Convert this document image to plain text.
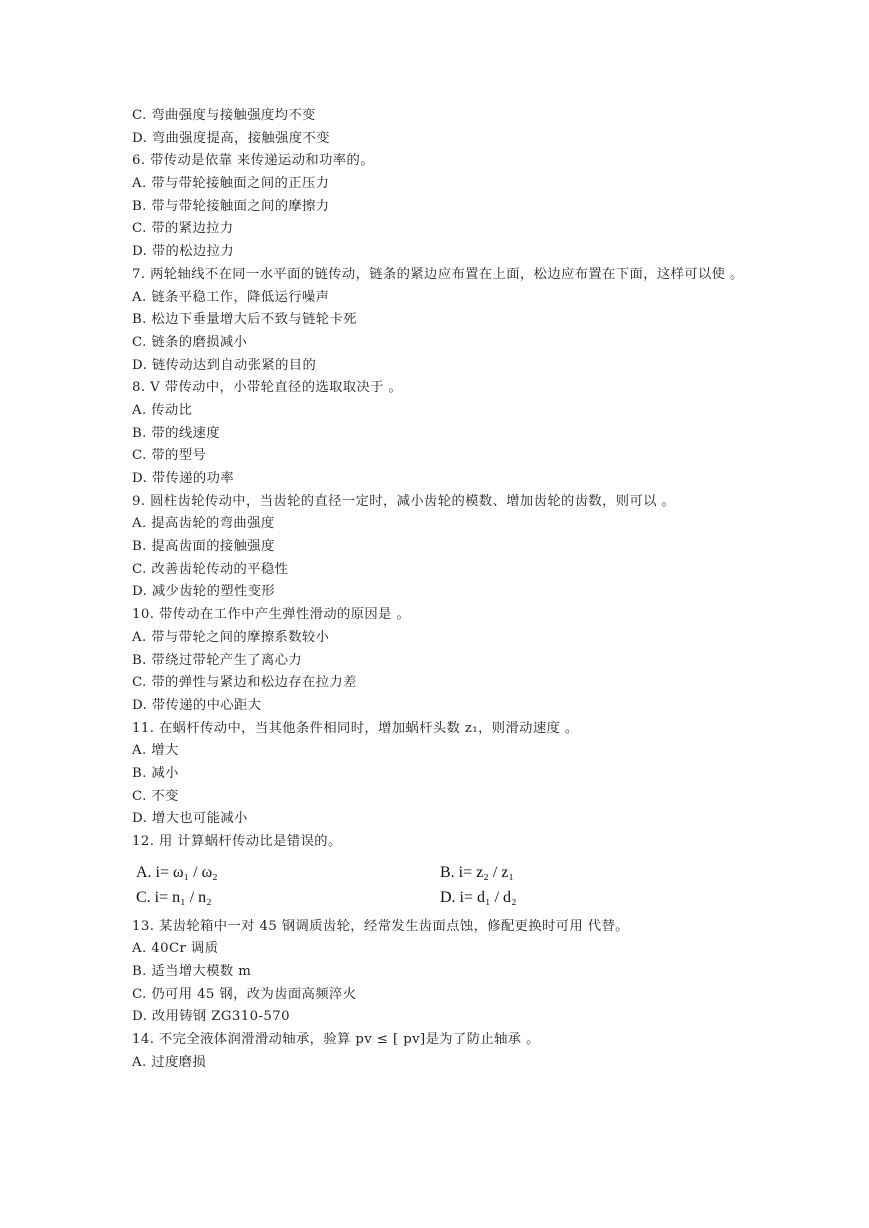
C. 弯曲强度与接触强度均不变
D. 弯曲强度提高，接触强度不变
6. 带传动是依靠 来传递运动和功率的。
A. 带与带轮接触面之间的正压力
B. 带与带轮接触面之间的摩擦力
C. 带的紧边拉力
D. 带的松边拉力
7. 两轮轴线不在同一水平面的链传动，链条的紧边应布置在上面，松边应布置在下面，这样可以使 。
A. 链条平稳工作，降低运行噪声
B. 松边下垂量增大后不致与链轮卡死
C. 链条的磨损减小
D. 链传动达到自动张紧的目的
8. V 带传动中，小带轮直径的选取取决于 。
A. 传动比
B. 带的线速度
C. 带的型号
D. 带传递的功率
9. 圆柱齿轮传动中，当齿轮的直径一定时，减小齿轮的模数、增加齿轮的齿数，则可以 。
A. 提高齿轮的弯曲强度
B. 提高齿面的接触强度
C. 改善齿轮传动的平稳性
D. 减少齿轮的塑性变形
10. 带传动在工作中产生弹性滑动的原因是 。
A. 带与带轮之间的摩擦系数较小
B. 带绕过带轮产生了离心力
C. 带的弹性与紧边和松边存在拉力差
D. 带传递的中心距大
11. 在蜗杆传动中，当其他条件相同时，增加蜗杆头数 z₁，则滑动速度 。
A. 增大
B. 减小
C. 不变
D. 增大也可能减小
12. 用 计算蜗杆传动比是错误的。
A. i= ω₁ / ω₂	B. i= z₂ / z₁
C. i= n₁ / n₂	D. i= d₁ / d₂
13. 某齿轮箱中一对 45 钢调质齿轮，经常发生齿面点蚀，修配更换时可用 代替。
A. 40Cr 调质
B. 适当增大模数 m
C. 仍可用 45 钢，改为齿面高频淬火
D. 改用铸钢 ZG310-570
14. 不完全液体润滑滑动轴承，验算 pv ≤ [ pv]是为了防止轴承 。
A. 过度磨损
